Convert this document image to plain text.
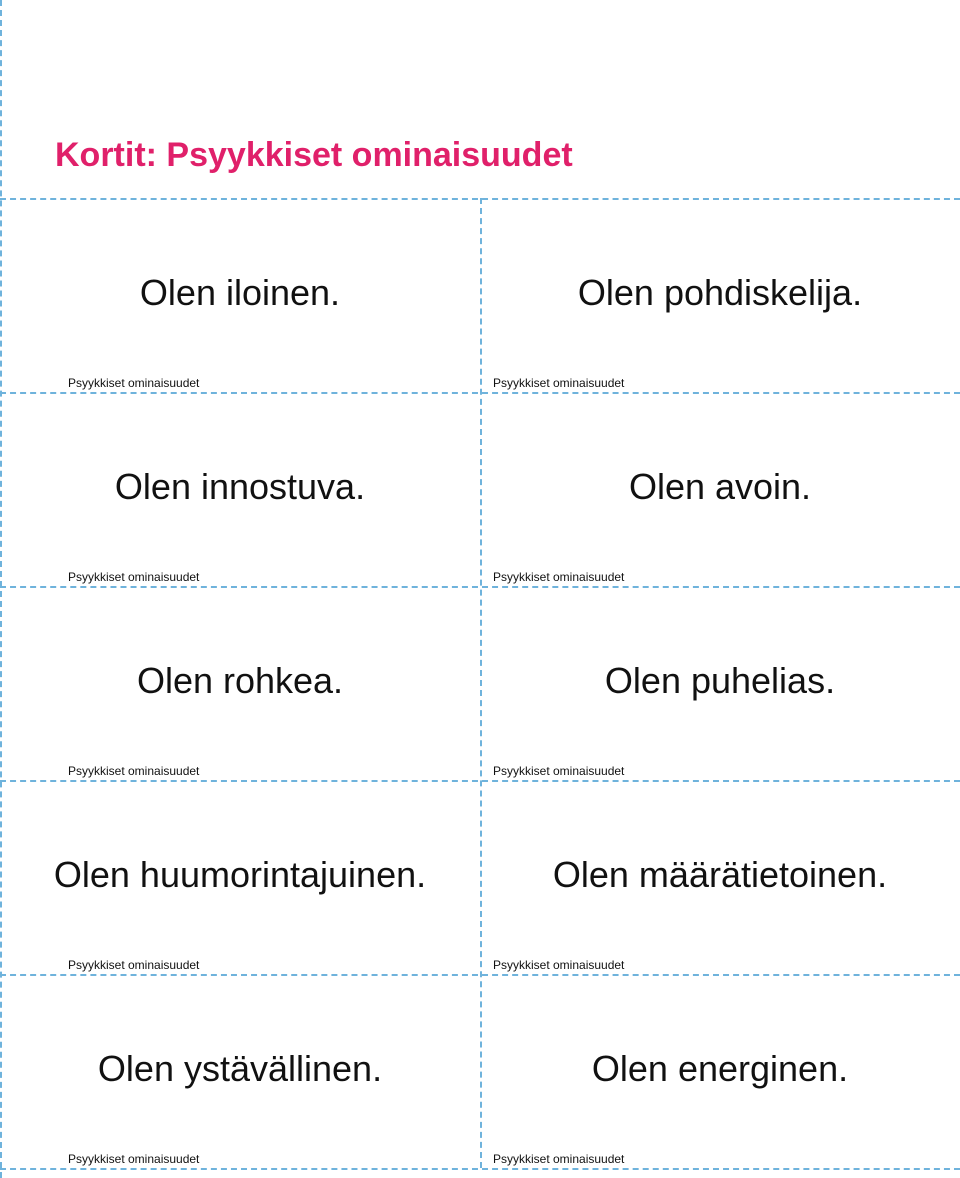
Kortit: Psyykkiset ominaisuudet
Olen iloinen.
Psyykkiset ominaisuudet
Olen pohdiskelija.
Psyykkiset ominaisuudet
Olen innostuva.
Psyykkiset ominaisuudet
Olen avoin.
Psyykkiset ominaisuudet
Olen rohkea.
Psyykkiset ominaisuudet
Olen puhelias.
Psyykkiset ominaisuudet
Olen huumorintajuinen.
Psyykkiset ominaisuudet
Olen määrätietoinen.
Psyykkiset ominaisuudet
Olen ystävällinen.
Psyykkiset ominaisuudet
Olen energinen.
Psyykkiset ominaisuudet
